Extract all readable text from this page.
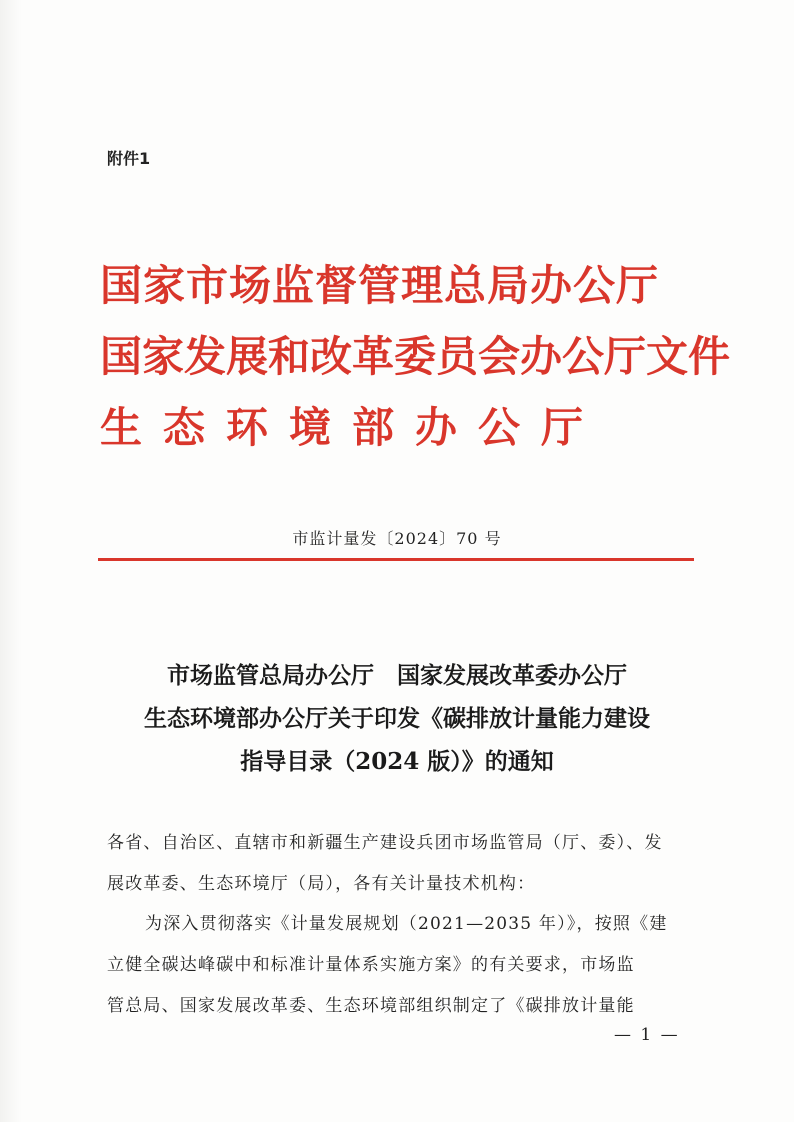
附件1
国家市场监督管理总局办公厅
国家发展和改革委员会办公厅文件
生态环境部办公厅
市监计量发〔2024〕70 号
市场监管总局办公厅　国家发展改革委办公厅
生态环境部办公厅关于印发《碳排放计量能力建设
指导目录（2024 版）》的通知
各省、自治区、直辖市和新疆生产建设兵团市场监管局（厅、委）、发
展改革委、生态环境厅（局），各有关计量技术机构：
为深入贯彻落实《计量发展规划（2021—2035 年）》，按照《建
立健全碳达峰碳中和标准计量体系实施方案》的有关要求，市场监
管总局、国家发展改革委、生态环境部组织制定了《碳排放计量能
— 1 —
